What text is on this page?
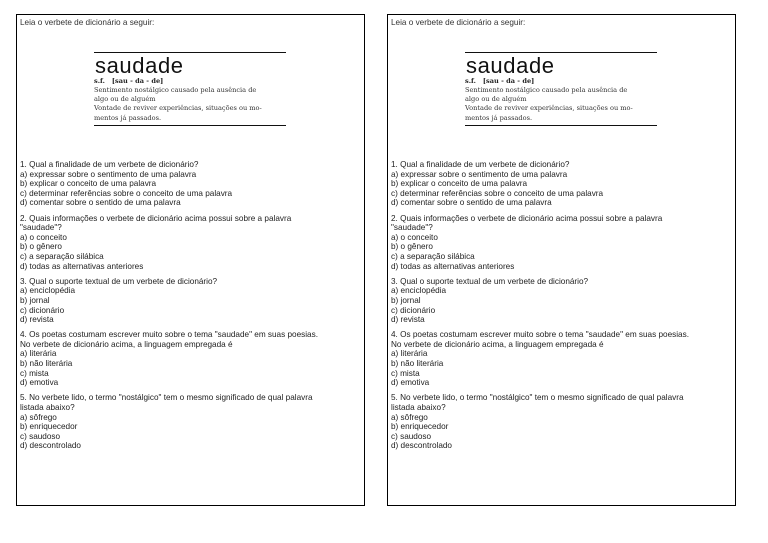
Leia o verbete de dicionário a seguir:
saudade
s.f. [sau - da - de]
Sentimento nostálgico causado pela ausência de
algo ou de alguém
Vontade de reviver experiências, situações ou mo-
mentos já passados.
1. Qual a finalidade de um verbete de dicionário?
a) expressar sobre o sentimento de uma palavra
b) explicar o conceito de uma palavra
c) determinar referências sobre o conceito de uma palavra
d) comentar sobre o sentido de uma palavra
2. Quais informações o verbete de dicionário acima possui sobre a palavra
"saudade"?
a) o conceito
b) o gênero
c) a separação silábica
d) todas as alternativas anteriores
3. Qual o suporte textual de um verbete de dicionário?
a) enciclopédia
b) jornal
c) dicionário
d) revista
4. Os poetas costumam escrever muito sobre o tema "saudade" em suas poesias.
No verbete de dicionário acima, a linguagem empregada é
a) literária
b) não literária
c) mista
d) emotiva
5. No verbete lido, o termo "nostálgico" tem o mesmo significado de qual palavra
listada abaixo?
a) sôfrego
b) enriquecedor
c) saudoso
d) descontrolado
Leia o verbete de dicionário a seguir:
saudade
s.f. [sau - da - de]
Sentimento nostálgico causado pela ausência de
algo ou de alguém
Vontade de reviver experiências, situações ou mo-
mentos já passados.
1. Qual a finalidade de um verbete de dicionário?
a) expressar sobre o sentimento de uma palavra
b) explicar o conceito de uma palavra
c) determinar referências sobre o conceito de uma palavra
d) comentar sobre o sentido de uma palavra
2. Quais informações o verbete de dicionário acima possui sobre a palavra
"saudade"?
a) o conceito
b) o gênero
c) a separação silábica
d) todas as alternativas anteriores
3. Qual o suporte textual de um verbete de dicionário?
a) enciclopédia
b) jornal
c) dicionário
d) revista
4. Os poetas costumam escrever muito sobre o tema "saudade" em suas poesias.
No verbete de dicionário acima, a linguagem empregada é
a) literária
b) não literária
c) mista
d) emotiva
5. No verbete lido, o termo "nostálgico" tem o mesmo significado de qual palavra
listada abaixo?
a) sôfrego
b) enriquecedor
c) saudoso
d) descontrolado
